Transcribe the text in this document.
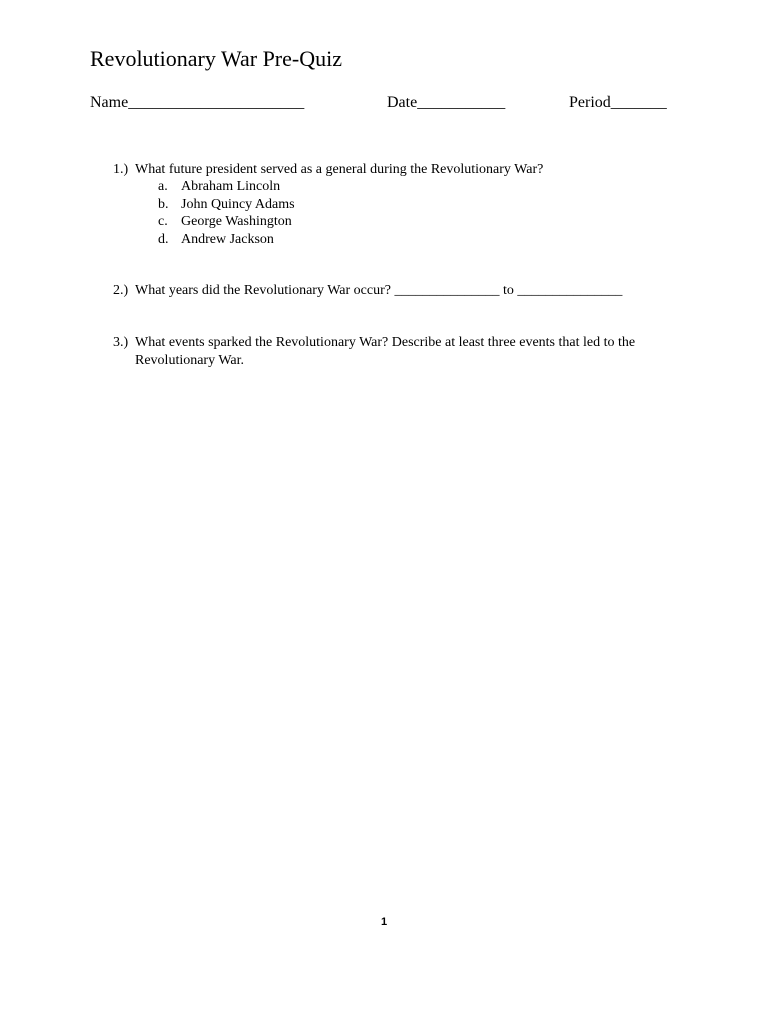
Revolutionary War Pre-Quiz
Name______________________	Date___________	Period_______
1.) What future president served as a general during the Revolutionary War?
a. Abraham Lincoln
b. John Quincy Adams
c. George Washington
d. Andrew Jackson
2.) What years did the Revolutionary War occur? _______________ to _______________
3.) What events sparked the Revolutionary War? Describe at least three events that led to the Revolutionary War.
1
